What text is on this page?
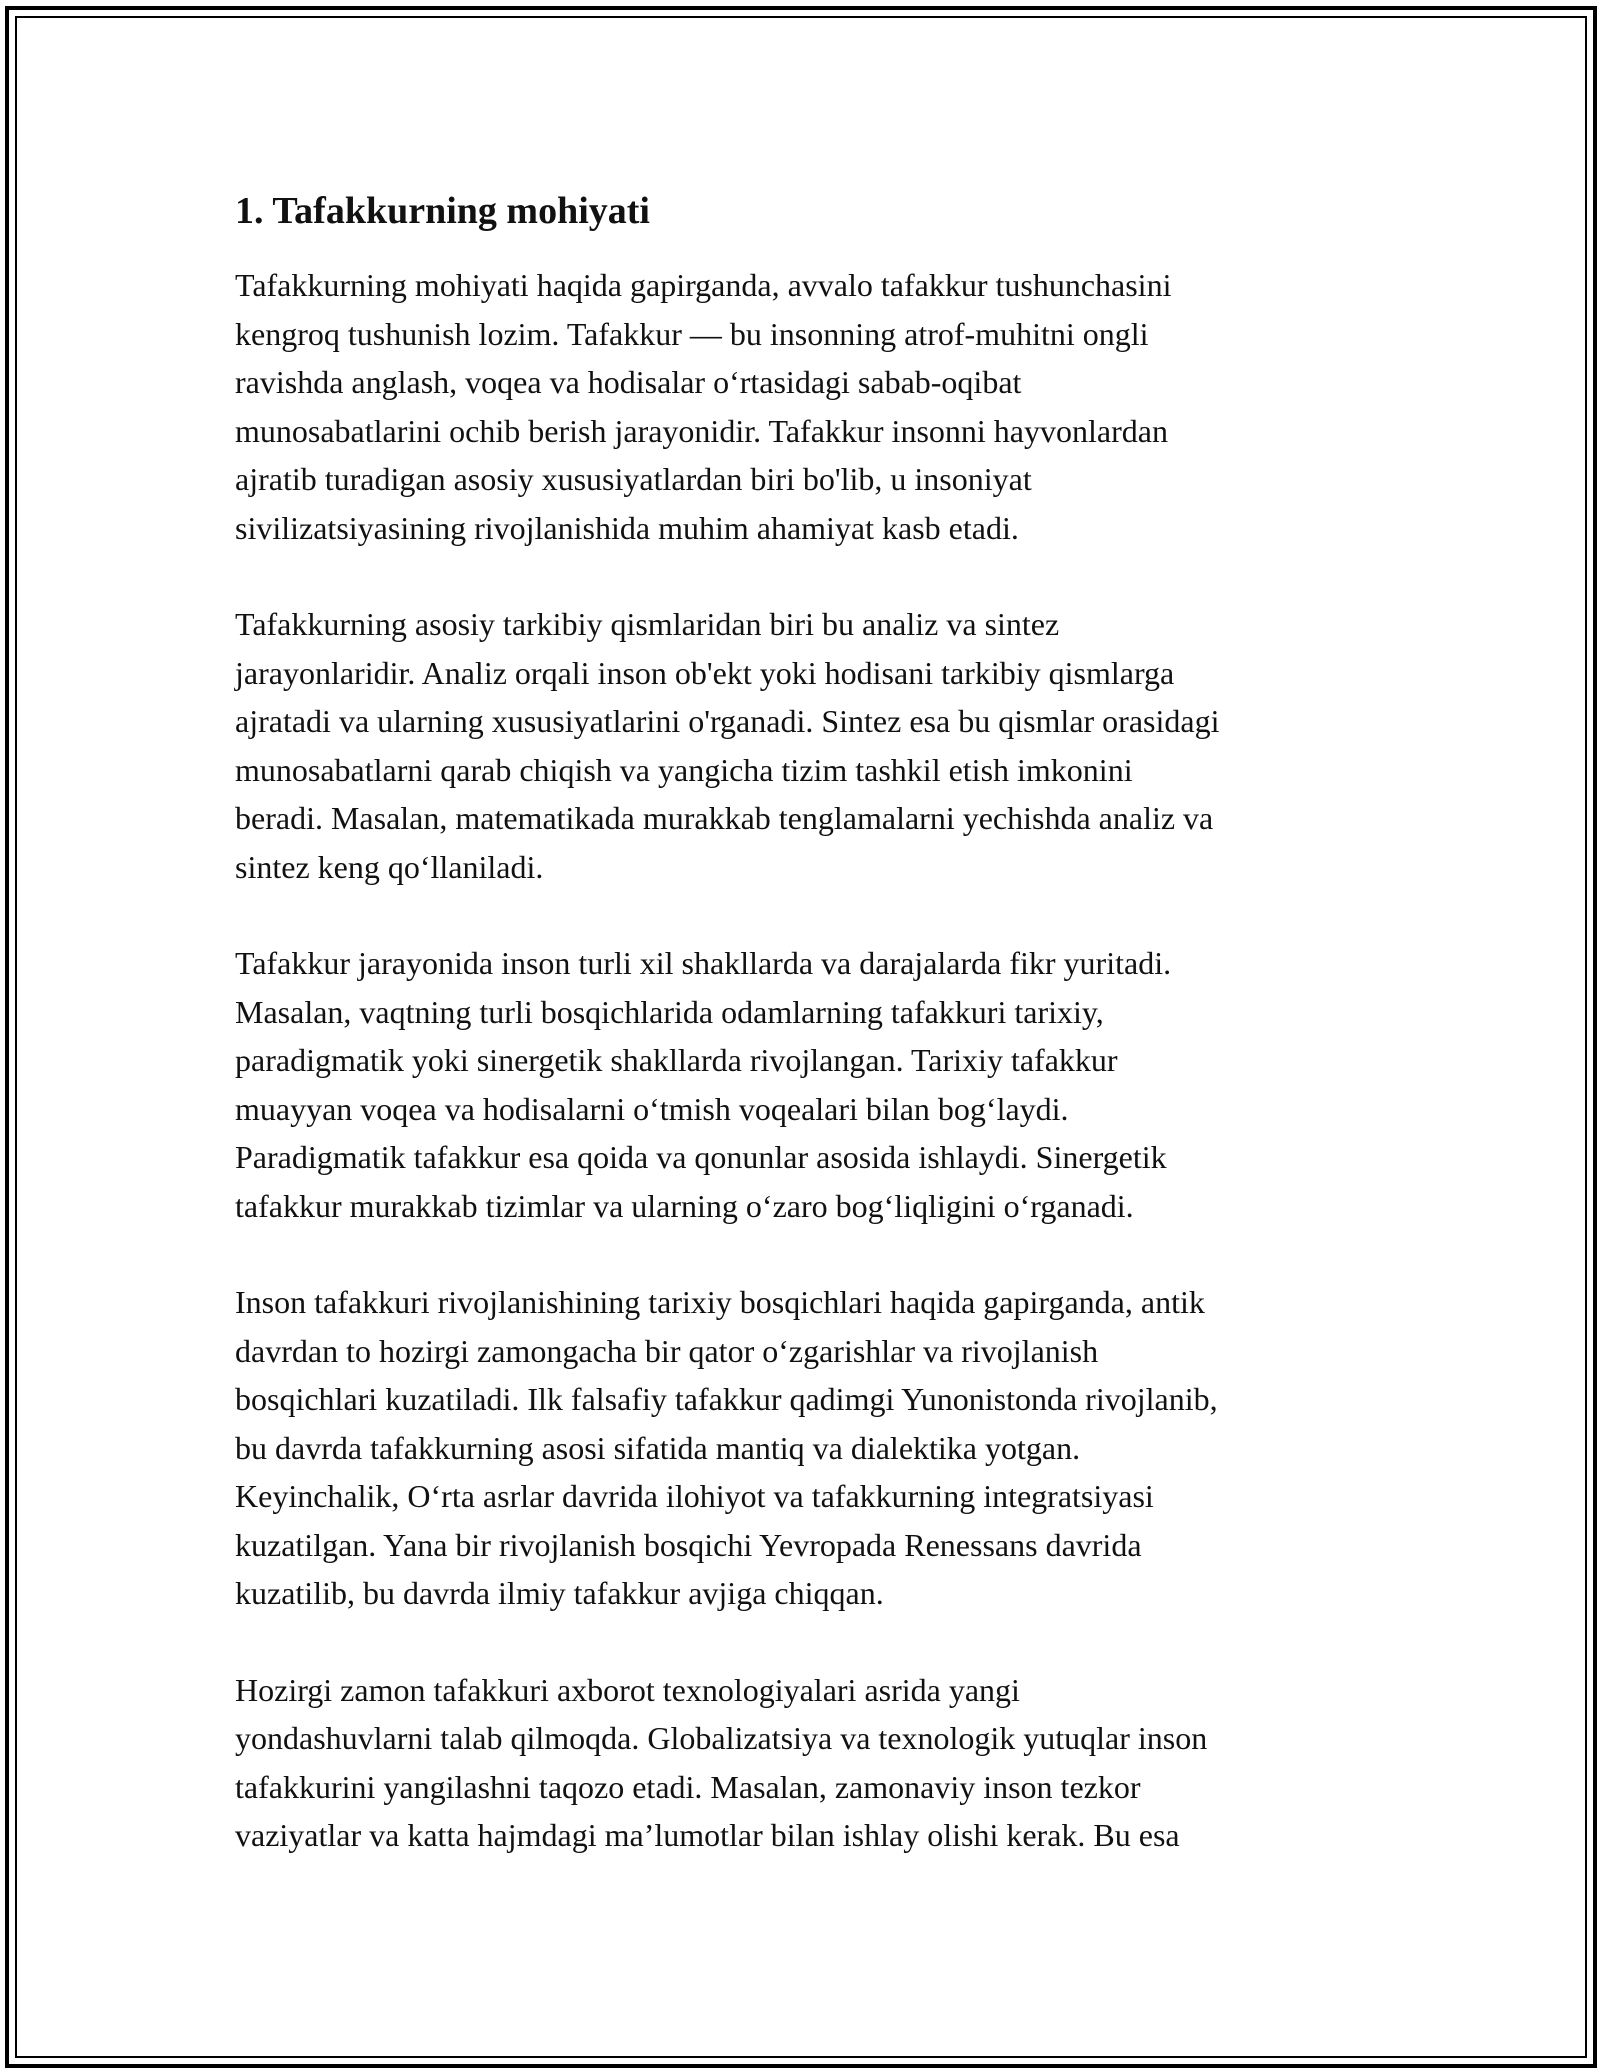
1. Tafakkurning mohiyati

Tafakkurning mohiyati haqida gapirganda, avvalo tafakkur tushunchasini
kengroq tushunish lozim. Tafakkur — bu insonning atrof-muhitni ongli
ravishda anglash, voqea va hodisalar o‘rtasidagi sabab-oqibat
munosabatlarini ochib berish jarayonidir. Tafakkur insonni hayvonlardan
ajratib turadigan asosiy xususiyatlardan biri bo'lib, u insoniyat
sivilizatsiyasining rivojlanishida muhim ahamiyat kasb etadi.

Tafakkurning asosiy tarkibiy qismlaridan biri bu analiz va sintez
jarayonlaridir. Analiz orqali inson ob'ekt yoki hodisani tarkibiy qismlarga
ajratadi va ularning xususiyatlarini o'rganadi. Sintez esa bu qismlar orasidagi
munosabatlarni qarab chiqish va yangicha tizim tashkil etish imkonini
beradi. Masalan, matematikada murakkab tenglamalarni yechishda analiz va
sintez keng qo‘llaniladi.

Tafakkur jarayonida inson turli xil shakllarda va darajalarda fikr yuritadi.
Masalan, vaqtning turli bosqichlarida odamlarning tafakkuri tarixiy,
paradigmatik yoki sinergetik shakllarda rivojlangan. Tarixiy tafakkur
muayyan voqea va hodisalarni o‘tmish voqealari bilan bog‘laydi.
Paradigmatik tafakkur esa qoida va qonunlar asosida ishlaydi. Sinergetik
tafakkur murakkab tizimlar va ularning o‘zaro bog‘liqligini o‘rganadi.

Inson tafakkuri rivojlanishining tarixiy bosqichlari haqida gapirganda, antik
davrdan to hozirgi zamongacha bir qator o‘zgarishlar va rivojlanish
bosqichlari kuzatiladi. Ilk falsafiy tafakkur qadimgi Yunonistonda rivojlanib,
bu davrda tafakkurning asosi sifatida mantiq va dialektika yotgan.
Keyinchalik, O‘rta asrlar davrida ilohiyot va tafakkurning integratsiyasi
kuzatilgan. Yana bir rivojlanish bosqichi Yevropada Renessans davrida
kuzatilib, bu davrda ilmiy tafakkur avjiga chiqqan.

Hozirgi zamon tafakkuri axborot texnologiyalari asrida yangi
yondashuvlarni talab qilmoqda. Globalizatsiya va texnologik yutuqlar inson
tafakkurini yangilashni taqozo etadi. Masalan, zamonaviy inson tezkor
vaziyatlar va katta hajmdagi ma’lumotlar bilan ishlay olishi kerak. Bu esa
